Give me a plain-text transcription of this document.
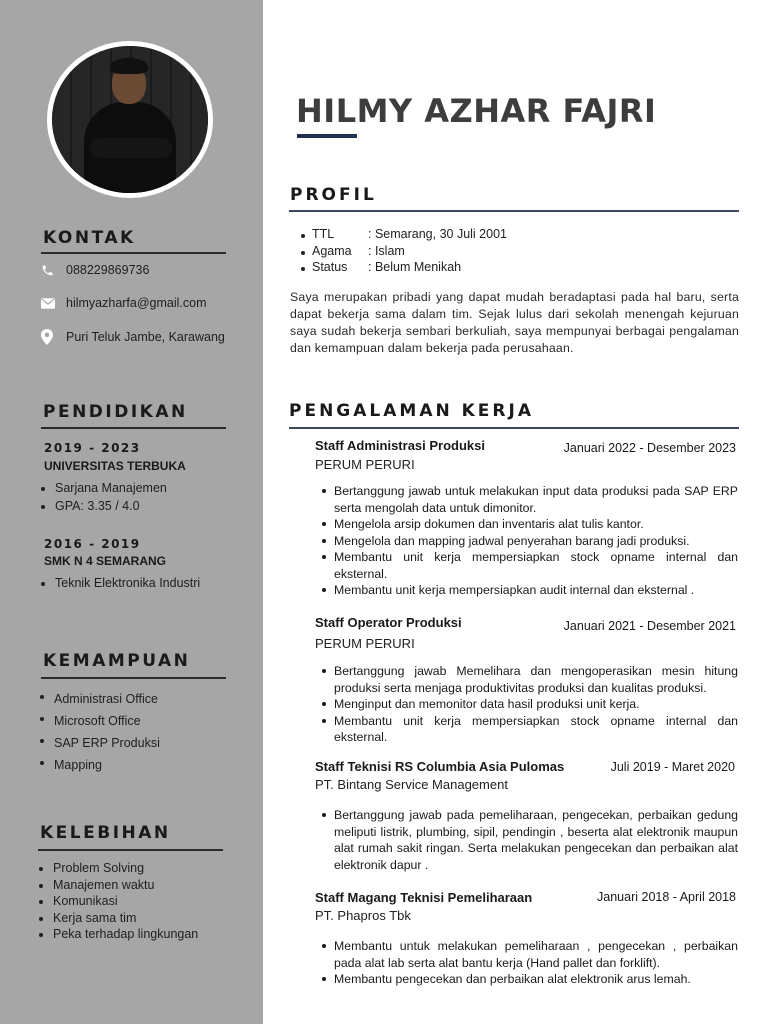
KONTAK
088229869736
hilmyazharfa@gmail.com
Puri Teluk Jambe, Karawang
PENDIDIKAN
2019 - 2023
UNIVERSITAS TERBUKA
Sarjana Manajemen
GPA: 3.35 / 4.0
2016 - 2019
SMK N 4 SEMARANG
Teknik Elektronika Industri
KEMAMPUAN
Administrasi Office
Microsoft Office
SAP ERP Produksi
Mapping
KELEBIHAN
Problem Solving
Manajemen waktu
Komunikasi
Kerja sama tim
Peka terhadap lingkungan
HILMY AZHAR FAJRI
PROFIL
TTL	: Semarang, 30 Juli 2001
Agama	: Islam
Status	: Belum Menikah

Saya merupakan pribadi yang dapat mudah beradaptasi pada hal baru, serta dapat bekerja sama dalam tim. Sejak lulus dari sekolah menengah kejuruan saya sudah bekerja sembari berkuliah, saya mempunyai berbagai pengalaman dan kemampuan dalam bekerja pada perusahaan.

PENGALAMAN KERJA
Staff Administrasi Produksi	Januari 2022 - Desember 2023
PERUM PERURI
Bertanggung jawab untuk melakukan input data produksi pada SAP ERP serta mengolah data untuk dimonitor.
Mengelola arsip dokumen dan inventaris alat tulis kantor.
Mengelola dan mapping jadwal penyerahan barang jadi produksi.
Membantu unit kerja mempersiapkan stock opname internal dan eksternal.
Membantu unit kerja mempersiapkan audit internal dan eksternal .
Staff Operator Produksi	Januari 2021 - Desember 2021
PERUM PERURI
Bertanggung jawab Memelihara dan mengoperasikan mesin hitung produksi serta menjaga produktivitas produksi dan kualitas produksi.
Menginput dan memonitor data hasil produksi unit kerja.
Membantu unit kerja mempersiapkan stock opname internal dan eksternal.
Staff Teknisi RS Columbia Asia Pulomas	Juli 2019 - Maret 2020
PT. Bintang Service Management
Bertanggung jawab pada pemeliharaan, pengecekan, perbaikan gedung meliputi listrik, plumbing, sipil, pendingin , beserta alat elektronik maupun alat rumah sakit ringan. Serta melakukan pengecekan dan perbaikan alat elektronik dapur .
Staff Magang Teknisi Pemeliharaan	Januari 2018 - April 2018
PT. Phapros Tbk
Membantu untuk melakukan pemeliharaan , pengecekan , perbaikan pada alat lab serta alat bantu kerja (Hand pallet dan forklift).
Membantu pengecekan dan perbaikan alat elektronik arus lemah.
